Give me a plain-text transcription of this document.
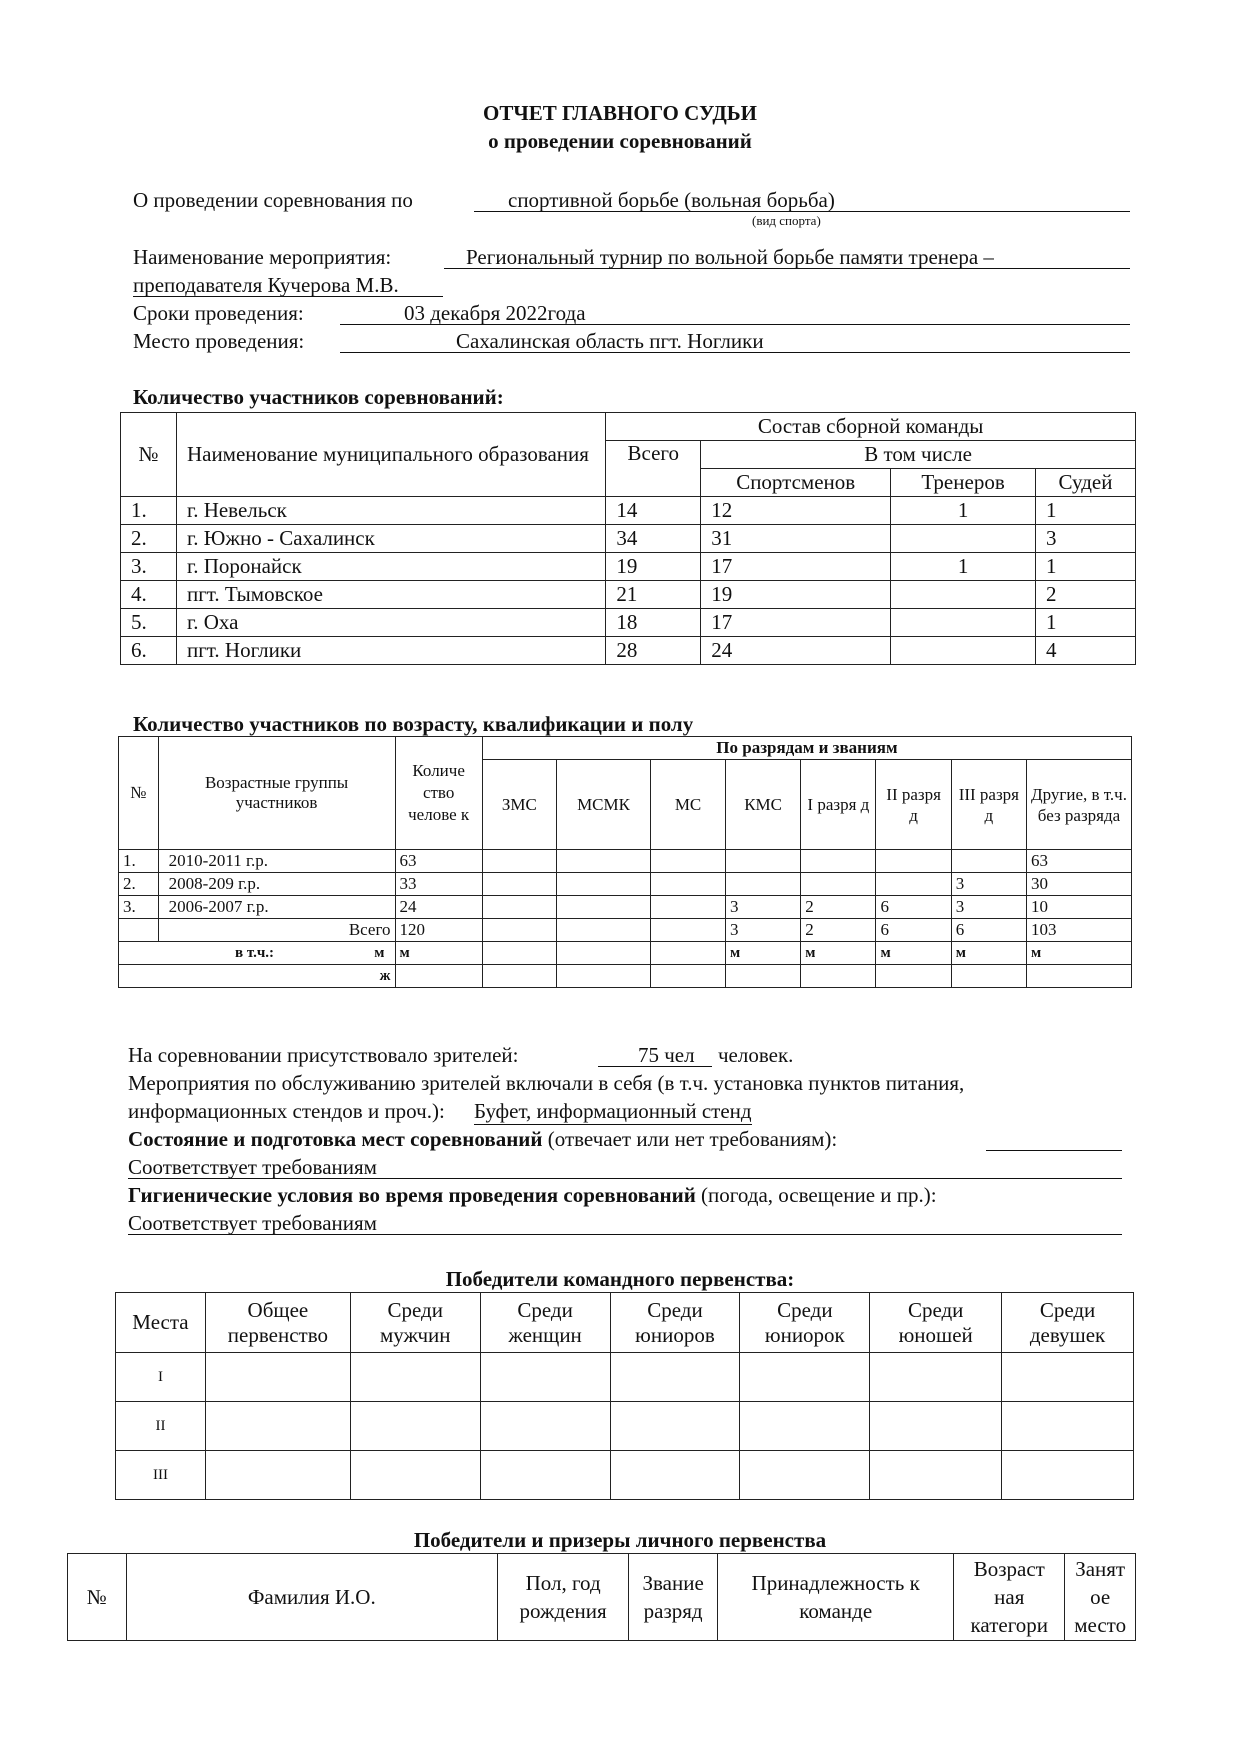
ОТЧЕТ ГЛАВНОГО СУДЬИ
о проведении соревнований
О проведении соревнования по	спортивной борьбе (вольная борьба)
(вид спорта)
Наименование мероприятия:	Региональный турнир по вольной борьбе памяти тренера –
преподавателя Кучерова М.В.
Сроки проведения:	03 декабря 2022года
Место проведения:	Сахалинская область пгт. Ноглики
Количество участников соревнований:
№	Наименование муниципального образования	Состав сборной команды			
		Всего	В том числе		
			Спортсменов	Тренеров	Судей
1.	г. Невельск	14	12	1	1
2.	г. Южно - Сахалинск	34	31		3
3.	г. Поронайск	19	17	1	1
4.	пгт. Тымовское	21	19		2
5.	г. Оха	18	17		1
6.	пгт. Ноглики	28	24		4
Количество участников по возрасту, квалификации и полу
№	Возрастные группы участников	Количе ство челове к	По разрядам и званиям							
			ЗМС	МСМК	МС	КМС	I разря д	II разря д	III разря д	Другие, в т.ч. без разряда
1.	2010-2011 г.р.	63								63
2.	2008-209 г.р.	33							3	30
3.	2006-2007 г.р.	24				3	2	6	3	10
	Всего	120				3	2	6	6	103
в т.ч.: м		м				м	м	м	м	м
ж										
На соревновании присутствовало зрителей:	75 чел человек.
Мероприятия по обслуживанию зрителей включали в себя (в т.ч. установка пунктов питания,
информационных стендов и проч.): Буфет, информационный стенд
Состояние и подготовка мест соревнований (отвечает или нет требованиям):
Соответствует требованиям
Гигиенические условия во время проведения соревнований (погода, освещение и пр.):
Соответствует требованиям
Победители командного первенства:
Места	Общее первенство	Среди мужчин	Среди женщин	Среди юниоров	Среди юниорок	Среди юношей	Среди девушек
I							
II							
III							
Победители и призеры личного первенства
№	Фамилия И.О.	Пол, год рождения	Звание разряд	Принадлежность к команде	Возраст ная категори	Занят ое место
